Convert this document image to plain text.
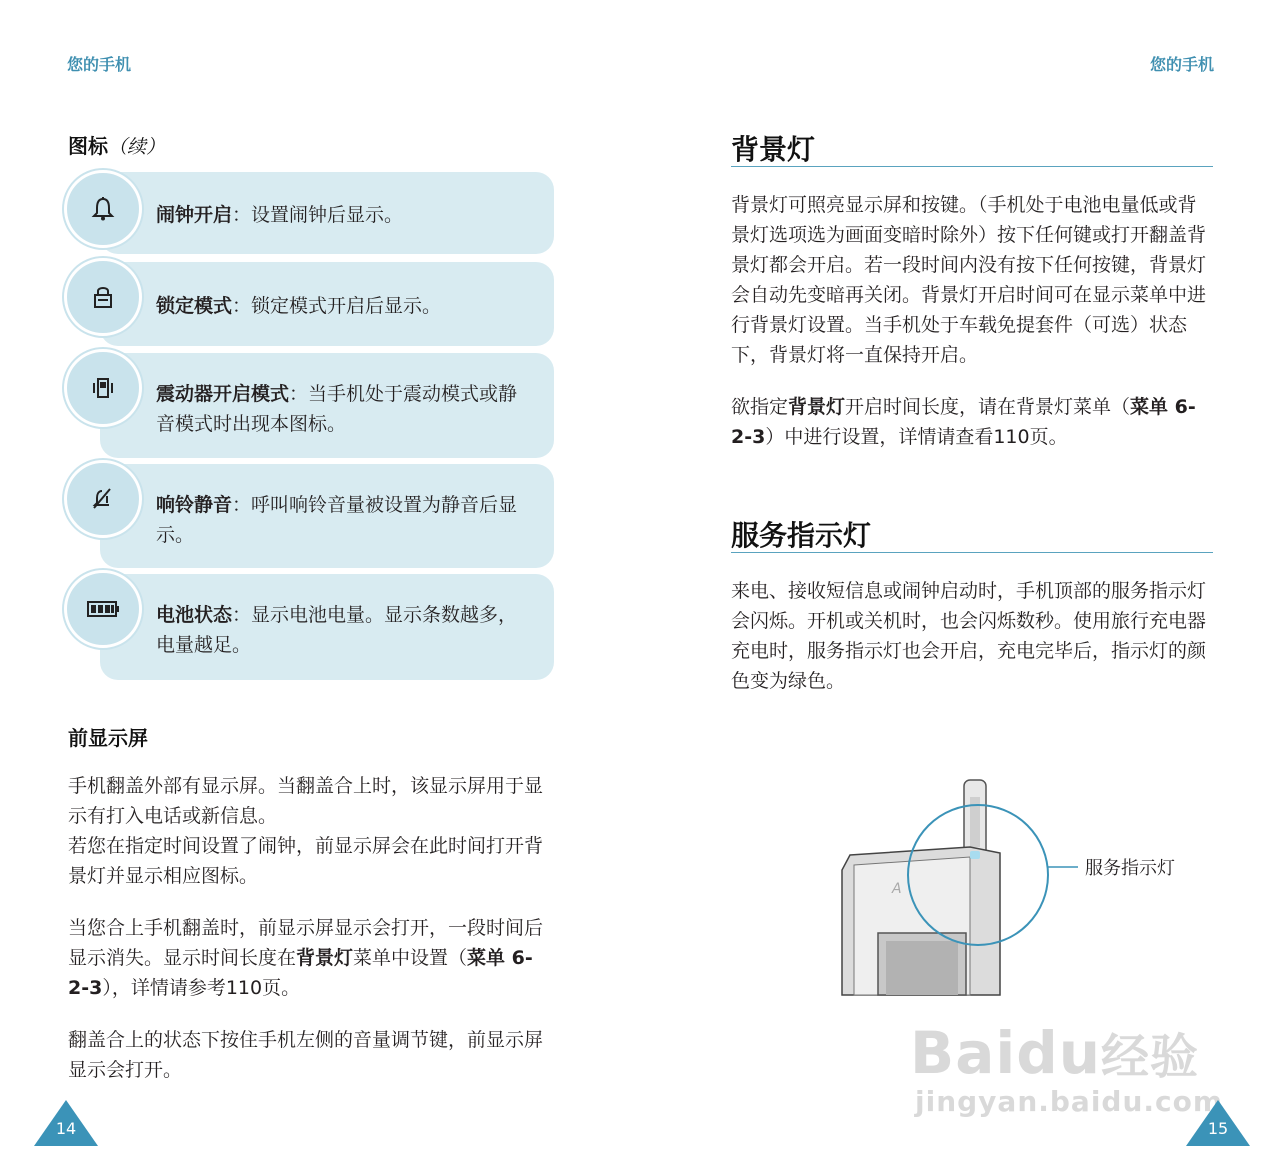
您的手机
图标（续）
闹钟开启：设置闹钟后显示。
锁定模式：锁定模式开启后显示。
震动器开启模式：当手机处于震动模式或静音模式时出现本图标。
响铃静音：呼叫响铃音量被设置为静音后显示。
电池状态：显示电池电量。显示条数越多，电量越足。
前显示屏

手机翻盖外部有显示屏。当翻盖合上时，该显示屏用于显示有打入电话或新信息。

若您在指定时间设置了闹钟，前显示屏会在此时间打开背景灯并显示相应图标。

当您合上手机翻盖时，前显示屏显示会打开，一段时间后显示消失。显示时间长度在背景灯菜单中设置（菜单 6-2-3），详情请参考110页。

翻盖合上的状态下按住手机左侧的音量调节键，前显示屏显示会打开。

14
您的手机
背景灯

背景灯可照亮显示屏和按键。（手机处于电池电量低或背景灯选项选为画面变暗时除外）按下任何键或打开翻盖背景灯都会开启。若一段时间内没有按下任何按键，背景灯会自动先变暗再关闭。背景灯开启时间可在显示菜单中进行背景灯设置。当手机处于车载免提套件（可选）状态下，背景灯将一直保持开启。

欲指定背景灯开启时间长度，请在背景灯菜单（菜单 6-2-3）中进行设置，详情请查看110页。

服务指示灯

来电、接收短信息或闹钟启动时，手机顶部的服务指示灯会闪烁。开机或关机时，也会闪烁数秒。使用旅行充电器充电时，服务指示灯也会开启，充电完毕后，指示灯的颜色变为绿色。

A
服务指示灯
Baidu经验
jingyan.baidu.com
15
